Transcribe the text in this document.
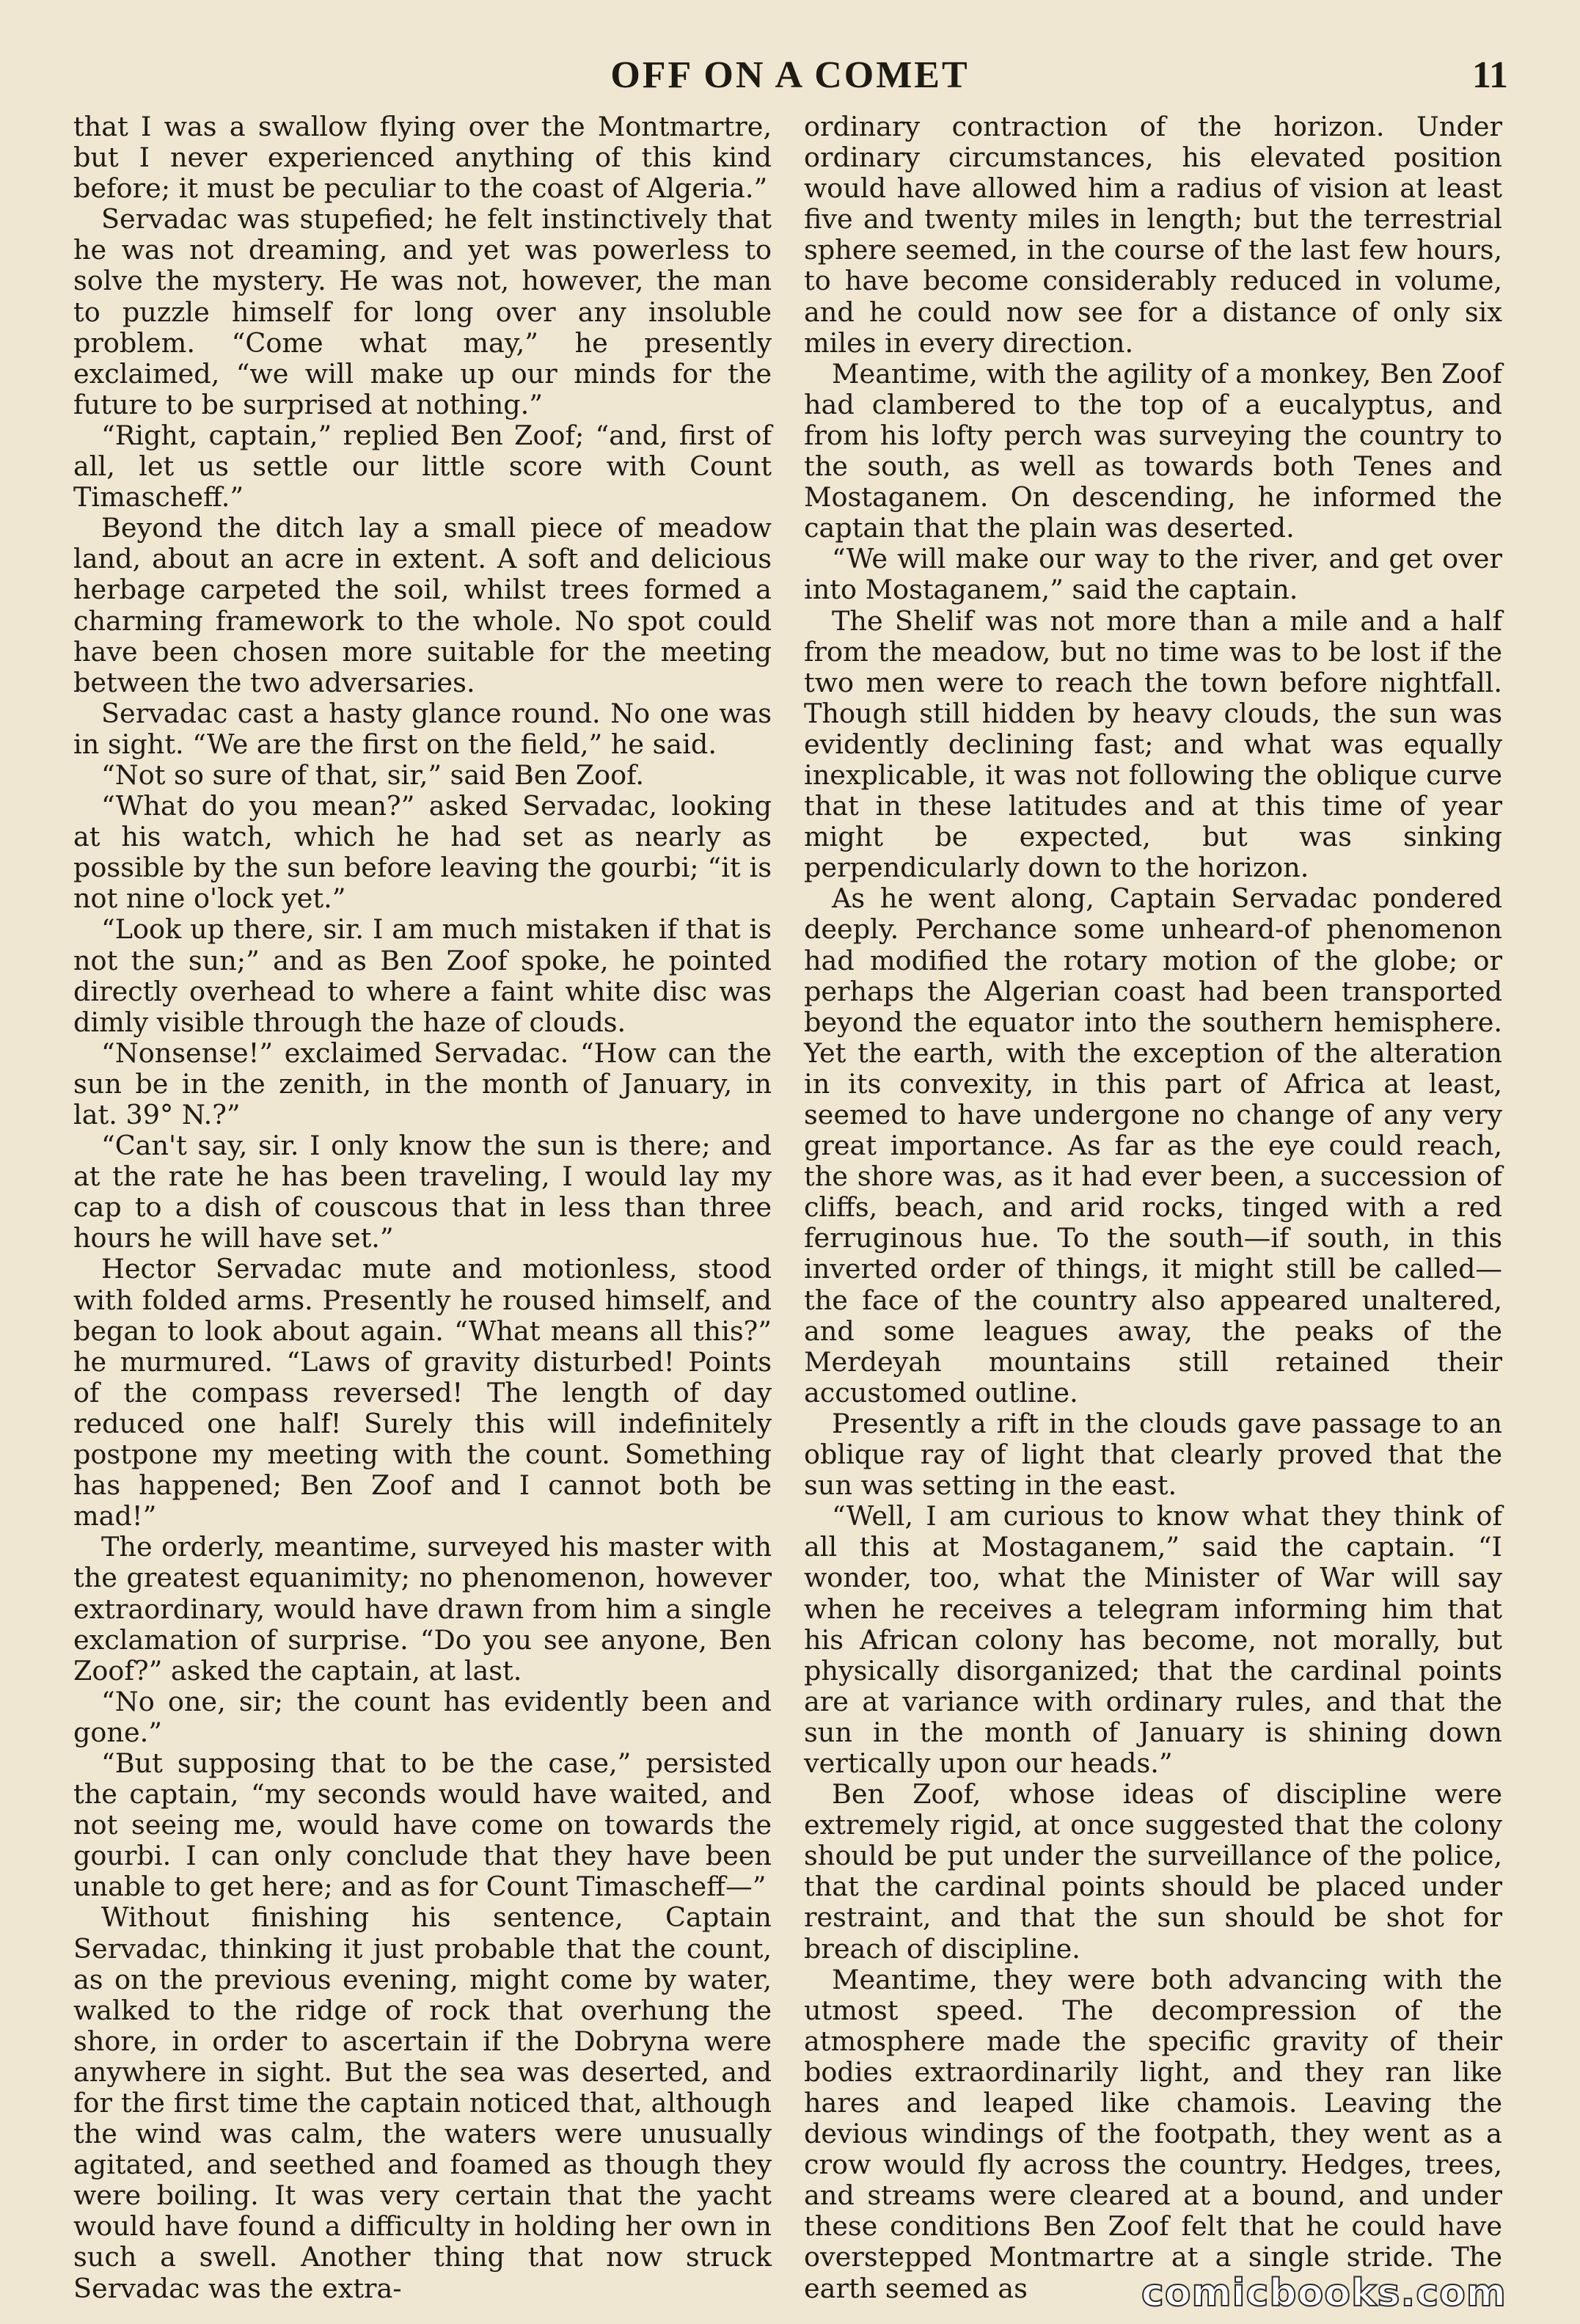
OFF ON A COMET	11

that I was a swallow flying over the Montmartre, but I never experienced anything of this kind before; it must be peculiar to the coast of Algeria.”

Servadac was stupefied; he felt instinctively that he was not dreaming, and yet was powerless to solve the mystery. He was not, however, the man to puzzle himself for long over any insoluble problem. “Come what may,” he presently exclaimed, “we will make up our minds for the future to be surprised at nothing.”

“Right, captain,” replied Ben Zoof; “and, first of all, let us settle our little score with Count Timascheff.”

Beyond the ditch lay a small piece of meadow land, about an acre in extent. A soft and delicious herbage carpeted the soil, whilst trees formed a charming framework to the whole. No spot could have been chosen more suitable for the meeting between the two adversaries.

Servadac cast a hasty glance round. No one was in sight. “We are the first on the field,” he said.

“Not so sure of that, sir,” said Ben Zoof.

“What do you mean?” asked Servadac, looking at his watch, which he had set as nearly as possible by the sun before leaving the gourbi; “it is not nine o'lock yet.”

“Look up there, sir. I am much mistaken if that is not the sun;” and as Ben Zoof spoke, he pointed directly overhead to where a faint white disc was dimly visible through the haze of clouds.

“Nonsense!” exclaimed Servadac. “How can the sun be in the zenith, in the month of January, in lat. 39° N.?”

“Can't say, sir. I only know the sun is there; and at the rate he has been traveling, I would lay my cap to a dish of couscous that in less than three hours he will have set.”

Hector Servadac mute and motionless, stood with folded arms. Presently he roused himself, and began to look about again. “What means all this?” he murmured. “Laws of gravity disturbed! Points of the compass reversed! The length of day reduced one half! Surely this will indefinitely postpone my meeting with the count. Something has happened; Ben Zoof and I cannot both be mad!”

The orderly, meantime, surveyed his master with the greatest equanimity; no phenomenon, however extraordinary, would have drawn from him a single exclamation of surprise. “Do you see anyone, Ben Zoof?” asked the captain, at last.

“No one, sir; the count has evidently been and gone.”

“But supposing that to be the case,” persisted the captain, “my seconds would have waited, and not seeing me, would have come on towards the gourbi. I can only conclude that they have been unable to get here; and as for Count Timascheff—”

Without finishing his sentence, Captain Servadac, thinking it just probable that the count, as on the previous evening, might come by water, walked to the ridge of rock that overhung the shore, in order to ascertain if the Dobryna were anywhere in sight. But the sea was deserted, and for the first time the captain noticed that, although the wind was calm, the waters were unusually agitated, and seethed and foamed as though they were boiling. It was very certain that the yacht would have found a difficulty in holding her own in such a swell. Another thing that now struck Servadac was the extra-

ordinary contraction of the horizon. Under ordinary circumstances, his elevated position would have allowed him a radius of vision at least five and twenty miles in length; but the terrestrial sphere seemed, in the course of the last few hours, to have become considerably reduced in volume, and he could now see for a distance of only six miles in every direction.

Meantime, with the agility of a monkey, Ben Zoof had clambered to the top of a eucalyptus, and from his lofty perch was surveying the country to the south, as well as towards both Tenes and Mostaganem. On descending, he informed the captain that the plain was deserted.

“We will make our way to the river, and get over into Mostaganem,” said the captain.

The Shelif was not more than a mile and a half from the meadow, but no time was to be lost if the two men were to reach the town before nightfall. Though still hidden by heavy clouds, the sun was evidently declining fast; and what was equally inexplicable, it was not following the oblique curve that in these latitudes and at this time of year might be expected, but was sinking perpendicularly down to the horizon.

As he went along, Captain Servadac pondered deeply. Perchance some unheard-of phenomenon had modified the rotary motion of the globe; or perhaps the Algerian coast had been transported beyond the equator into the southern hemisphere. Yet the earth, with the exception of the alteration in its convexity, in this part of Africa at least, seemed to have undergone no change of any very great importance. As far as the eye could reach, the shore was, as it had ever been, a succession of cliffs, beach, and arid rocks, tinged with a red ferruginous hue. To the south—if south, in this inverted order of things, it might still be called—the face of the country also appeared unaltered, and some leagues away, the peaks of the Merdeyah mountains still retained their accustomed outline.

Presently a rift in the clouds gave passage to an oblique ray of light that clearly proved that the sun was setting in the east.

“Well, I am curious to know what they think of all this at Mostaganem,” said the captain. “I wonder, too, what the Minister of War will say when he receives a telegram informing him that his African colony has become, not morally, but physically disorganized; that the cardinal points are at variance with ordinary rules, and that the sun in the month of January is shining down vertically upon our heads.”

Ben Zoof, whose ideas of discipline were extremely rigid, at once suggested that the colony should be put under the surveillance of the police, that the cardinal points should be placed under restraint, and that the sun should be shot for breach of discipline.

Meantime, they were both advancing with the utmost speed. The decompression of the atmosphere made the specific gravity of their bodies extraordinarily light, and they ran like hares and leaped like chamois. Leaving the devious windings of the footpath, they went as a crow would fly across the country. Hedges, trees, and streams were cleared at a bound, and under these conditions Ben Zoof felt that he could have overstepped Montmartre at a single stride. The earth seemed as	comicbooks.com
